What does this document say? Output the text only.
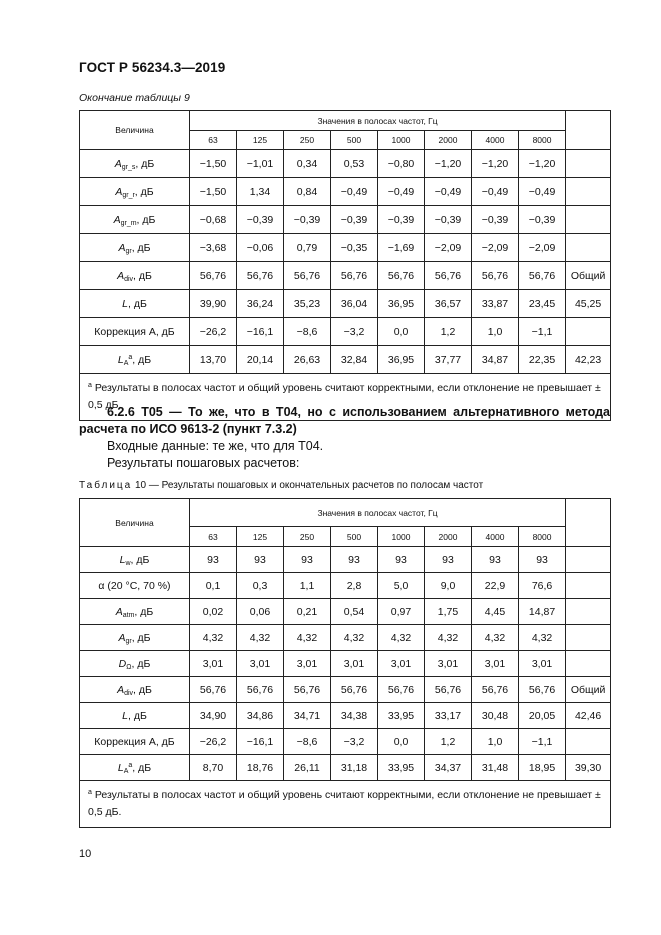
ГОСТ Р 56234.3—2019
Окончание таблицы 9
Величина	Значения в полосах частот, Гц								
	63	125	250	500	1000	2000	4000	8000	
$A_{gr\_s}$, дБ	−1,50	−1,01	0,34	0,53	−0,80	−1,20	−1,20	−1,20	
$A_{gr\_r}$, дБ	−1,50	1,34	0,84	−0,49	−0,49	−0,49	−0,49	−0,49	
$A_{gr\_m}$, дБ	−0,68	−0,39	−0,39	−0,39	−0,39	−0,39	−0,39	−0,39	
$A_{gr}$, дБ	−3,68	−0,06	0,79	−0,35	−1,69	−2,09	−2,09	−2,09	
$A_{div}$, дБ	56,76	56,76	56,76	56,76	56,76	56,76	56,76	56,76	Общий
L, дБ	39,90	36,24	35,23	36,04	36,95	36,57	33,87	23,45	45,25
Коррекция А, дБ	−26,2	−16,1	−8,6	−3,2	0,0	1,2	1,0	−1,1	
$L_A^a$, дБ	13,70	20,14	26,63	32,84	36,95	37,77	34,87	22,35	42,23
$^a$ Результаты в полосах частот и общий уровень считают корректными, если отклонение не превышает ± 0,5 дБ.									
6.2.6 Т05 — То же, что в Т04, но с использованием альтернативного метода расчета по ИСО 9613-2 (пункт 7.3.2)
Входные данные: те же, что для Т04.
Результаты пошаговых расчетов:
Таблица 10 — Результаты пошаговых и окончательных расчетов по полосам частот
Величина	Значения в полосах частот, Гц								
	63	125	250	500	1000	2000	4000	8000	
$L_w$, дБ	93	93	93	93	93	93	93	93	
α (20 °С, 70 %)	0,1	0,3	1,1	2,8	5,0	9,0	22,9	76,6	
$A_{atm}$, дБ	0,02	0,06	0,21	0,54	0,97	1,75	4,45	14,87	
$A_{gr}$, дБ	4,32	4,32	4,32	4,32	4,32	4,32	4,32	4,32	
$D_\Omega$, дБ	3,01	3,01	3,01	3,01	3,01	3,01	3,01	3,01	
$A_{div}$, дБ	56,76	56,76	56,76	56,76	56,76	56,76	56,76	56,76	Общий
L, дБ	34,90	34,86	34,71	34,38	33,95	33,17	30,48	20,05	42,46
Коррекция А, дБ	−26,2	−16,1	−8,6	−3,2	0,0	1,2	1,0	−1,1	
$L_A^a$, дБ	8,70	18,76	26,11	31,18	33,95	34,37	31,48	18,95	39,30
$^a$ Результаты в полосах частот и общий уровень считают корректными, если отклонение не превышает ± 0,5 дБ.									
10
